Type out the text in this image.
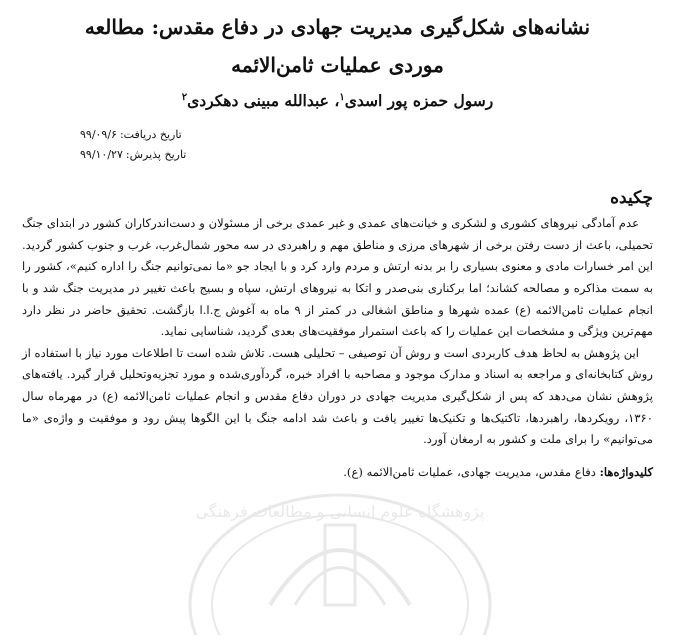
پژوهشگاه علوم انسانی و مطالعات فرهنگی
نشانه‌های شکل‌گیری مدیریت جهادی در دفاع مقدس: مطالعه
موردی عملیات ثامن‌الائمه
رسول حمزه پور اسدی$^۱$، عبدالله مبینی دهکردی$^۲$
تاریخ دریافت:
۹۹/۰۹/۶
تاریخ پذیرش:
۹۹/۱۰/۲۷
چکیده

عدم آمادگی نیروهای کشوری و لشکری و خیانت‌های عمدی و غیر عمدی برخی از مسئولان و دست‌اندرکاران کشور در ابتدای جنگ تحمیلی، باعث از دست رفتن برخی از شهرهای مرزی و مناطق مهم و راهبردی در سه محور شمال‌غرب، غرب و جنوب کشور گردید. این امر خسارات مادی و معنوی بسیاری را بر بدنه ارتش و مردم وارد کرد و با ایجاد جو «ما نمی‌توانیم جنگ را اداره کنیم»، کشور را به سمت مذاکره و مصالحه کشاند؛ اما برکناری بنی‌صدر و اتکا به نیروهای ارتش، سپاه و بسیج باعث تغییر در مدیریت جنگ شد و با انجام عملیات ثامن‌الائمه (ع) عمده شهرها و مناطق اشغالی در کمتر از ۹ ماه به آغوش ج.ا.ا بازگشت. تحقیق حاضر در نظر دارد مهم‌ترین ویژگی و مشخصات این عملیات را که باعث استمرار موفقیت‌های بعدی گردید، شناسایی نماید.

این پژوهش به لحاظ هدف کاربردی است و روش آن توصیفی – تحلیلی هست. تلاش شده است تا اطلاعات مورد نیاز با استفاده از روش کتابخانه‌ای و مراجعه به اسناد و مدارک موجود و مصاحبه با افراد خبره، گردآوری‌شده و مورد تجزیه‌وتحلیل قرار گیرد. یافته‌های پژوهش نشان می‌دهد که پس از شکل‌گیری مدیریت جهادی در دوران دفاع مقدس و انجام عملیات ثامن‌الائمه (ع) در مهرماه سال ۱۳۶۰، رویکردها، راهبردها، تاکتیک‌ها و تکنیک‌ها تغییر یافت و باعث شد ادامه جنگ با این الگوها پیش رود و موفقیت و واژه‌ی «ما می‌توانیم» را برای ملت و کشور به ارمغان آورد.

کلیدواژه‌ها: دفاع مقدس، مدیریت جهادی، عملیات ثامن‌الائمه (ع).
